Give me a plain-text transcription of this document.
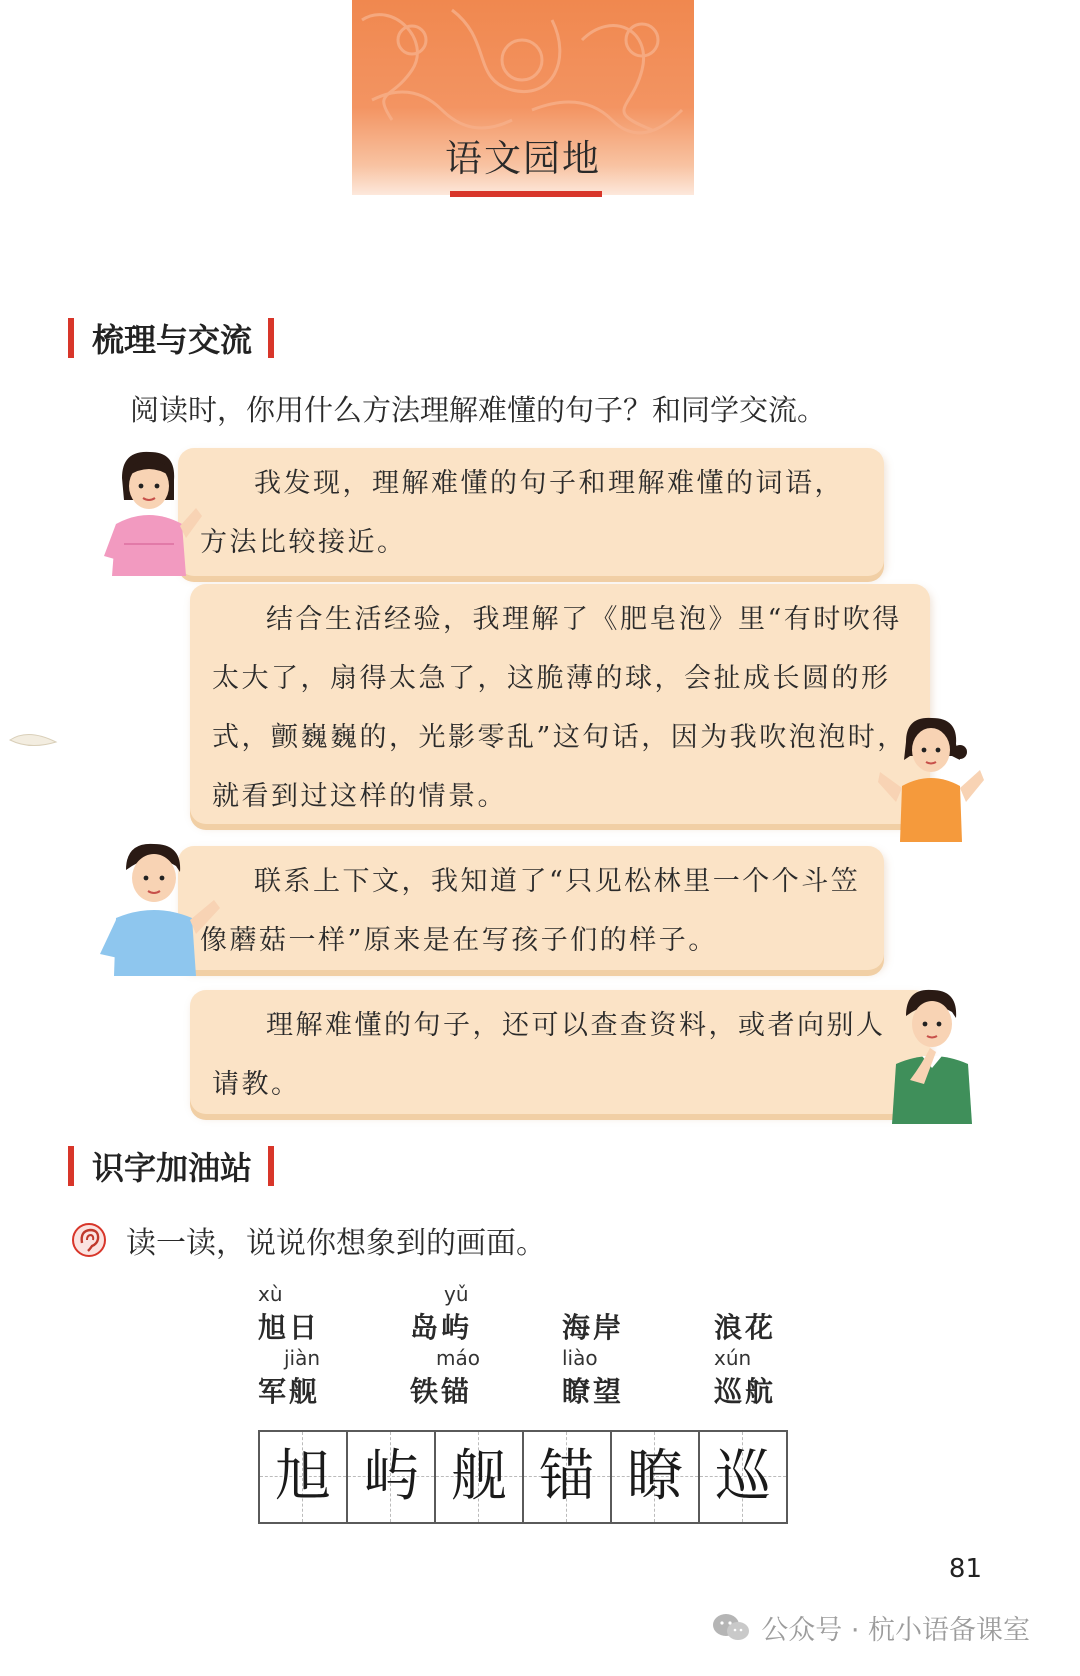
语文园地
梳理与交流
阅读时，你用什么方法理解难懂的句子？和同学交流。

我发现，理解难懂的句子和理解难懂的词语，方法比较接近。

结合生活经验，我理解了《肥皂泡》里“有时吹得太大了，扇得太急了，这脆薄的球，会扯成长圆的形式，颤巍巍的，光影零乱”这句话，因为我吹泡泡时，就看到过这样的情景。

联系上下文，我知道了“只见松林里一个个斗笠像蘑菇一样”原来是在写孩子们的样子。

理解难懂的句子，还可以查查资料，或者向别人请教。

识字加油站
读一读，说说你想象到的画面。
xù
旭日
yǔ
岛屿	海岸	浪花
jiàn
军舰
máo
铁锚
liào
瞭望
xún
巡航
旭 屿 舰 锚 瞭 巡
81
公众号 · 杭小语备课室
